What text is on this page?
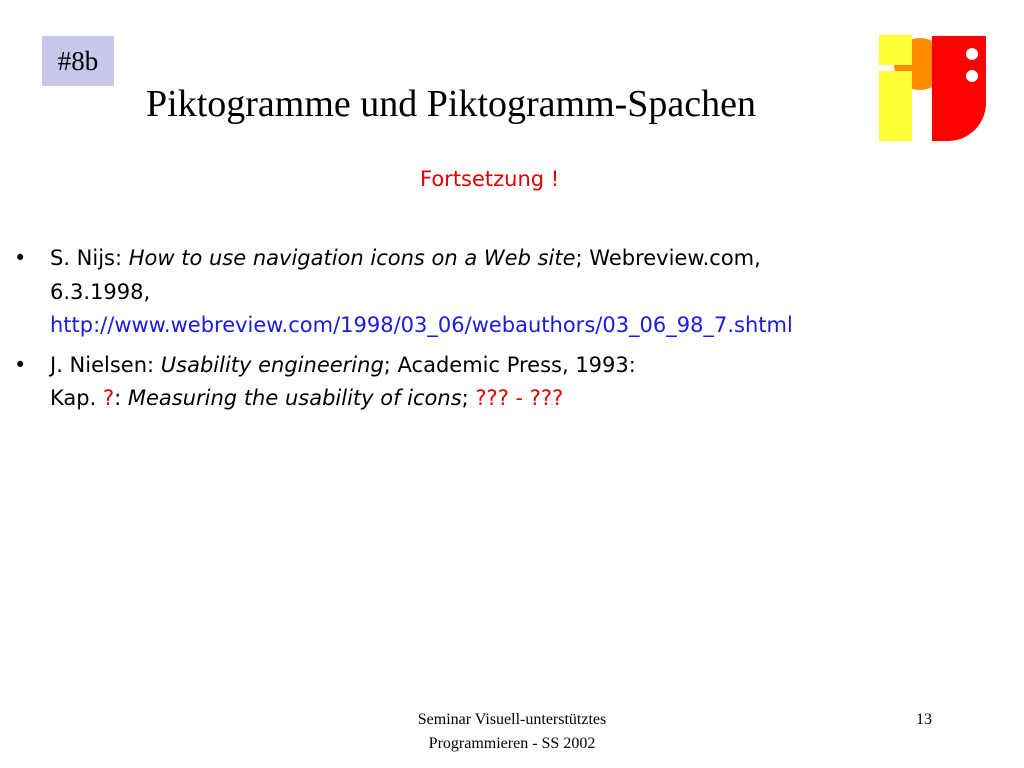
#8b
Piktogramme und Piktogramm-Spachen
Fortsetzung !
• S. Nijs: How to use navigation icons on a Web site; Webreview.com,
6.3.1998,
http://www.webreview.com/1998/03_06/webauthors/03_06_98_7.shtml
• J. Nielsen: Usability engineering; Academic Press, 1993:
Kap. ?: Measuring the usability of icons; ??? - ???
Seminar Visuell-unterstütztes
Programmieren - SS 2002
13
